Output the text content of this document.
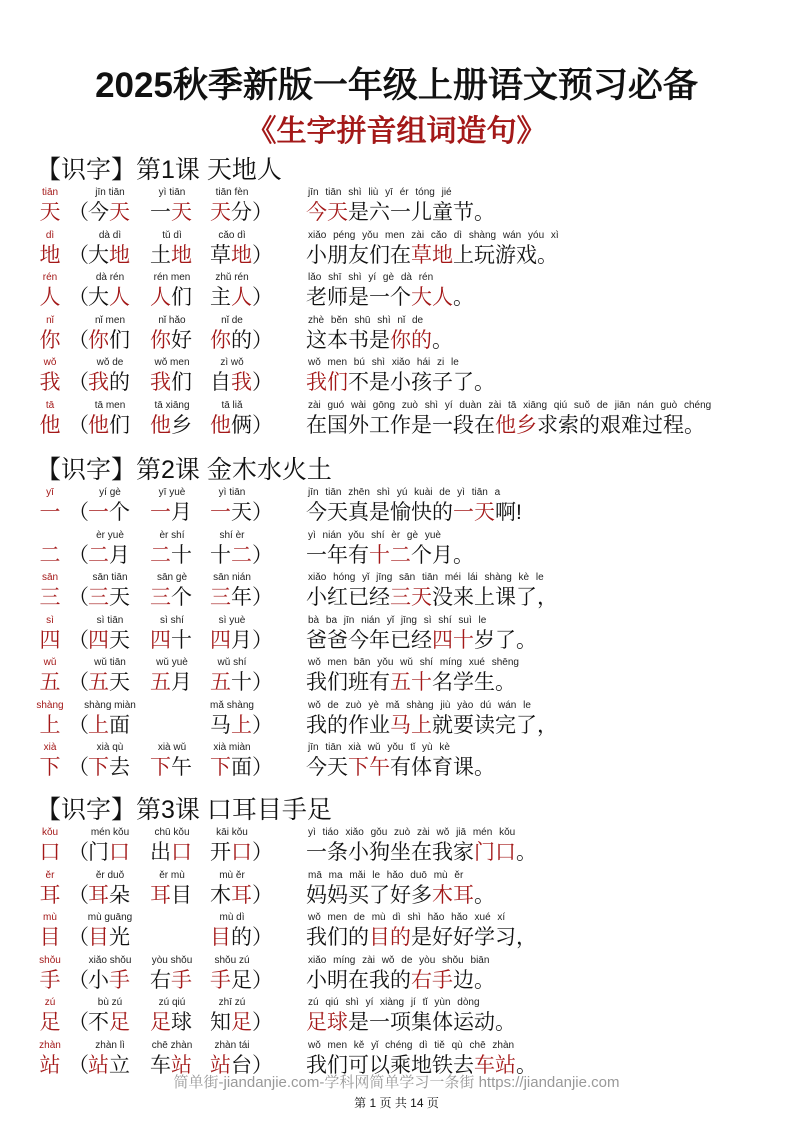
2025秋季新版一年级上册语文预习必备
《生字拼音组词造句》
【识字】第1课 天地人
tiān
天 （
jīn tiān
今天
yì tiān
一天
tiān fèn
天分 ）
jīn tiān shì liù yī ér tóng jié
今天是六一儿童节。
dì
地 （
dà dì
大地
tǔ dì
土地
cǎo dì
草地 ）
xiǎo péng yǒu men zài cǎo dì shàng wán yóu xì
小朋友们在草地上玩游戏。
rén
人 （
dà rén
大人
rén men
人们
zhǔ rén
主人 ）
lǎo shī shì yí gè dà rén
老师是一个大人。
nǐ
你 （
nǐ men
你们
nǐ hǎo
你好
nǐ de
你的 ）
zhè běn shū shì nǐ de
这本书是你的。
wǒ
我 （
wǒ de
我的
wǒ men
我们
zì wǒ
自我 ）
wǒ men bú shì xiǎo hái zi le
我们不是小孩子了。
tā
他 （
tā men
他们
tā xiāng
他乡
tā liǎ
他俩 ）
zài guó wài gōng zuò shì yí duàn zài tā xiāng qiú suǒ de jiān nán guò chéng
在国外工作是一段在他乡求索的艰难过程。
【识字】第2课 金木水火土
yī
一 （
yí gè
一个
yī yuè
一月
yì tiān
一天 ）
jīn tiān zhēn shì yú kuài de yì tiān a
今天真是愉快的一天啊!
二 （
èr yuè
二月
èr shí
二十
shí èr
十二 ）
yì nián yǒu shí èr gè yuè
一年有十二个月。
sān
三 （
sān tiān
三天
sān gè
三个
sān nián
三年 ）
xiǎo hóng yǐ jīng sān tiān méi lái shàng kè le
小红已经三天没来上课了，
sì
四 （
sì tiān
四天
sì shí
四十
sì yuè
四月 ）
bà ba jīn nián yǐ jīng sì shí suì le
爸爸今年已经四十岁了。
wǔ
五 （
wǔ tiān
五天
wǔ yuè
五月
wǔ shí
五十 ）
wǒ men bān yǒu wǔ shí míng xué shēng
我们班有五十名学生。
shàng
上 （
shàng miàn
上面
mǎ shàng
马上 ）
wǒ de zuò yè mǎ shàng jiù yào dú wán le
我的作业马上就要读完了，
xià
下 （
xià qù
下去
xià wǔ
下午
xià miàn
下面 ）
jīn tiān xià wǔ yǒu tǐ yù kè
今天下午有体育课。
【识字】第3课 口耳目手足
kǒu
口 （
mén kǒu
门口
chū kǒu
出口
kāi kǒu
开口 ）
yì tiáo xiǎo gǒu zuò zài wǒ jiā mén kǒu
一条小狗坐在我家门口。
ěr
耳 （
ěr duǒ
耳朵
ěr mù
耳目
mù ěr
木耳 ）
mā ma mǎi le hǎo duō mù ěr
妈妈买了好多木耳。
mù
目 （
mù guāng
目光
mù dì
目的 ）
wǒ men de mù dì shì hǎo hǎo xué xí
我们的目的是好好学习，
shǒu
手 （
xiǎo shǒu
小手
yòu shǒu
右手
shǒu zú
手足 ）
xiǎo míng zài wǒ de yòu shǒu biān
小明在我的右手边。
zú
足 （
bù zú
不足
zú qiú
足球
zhī zú
知足 ）
zú qiú shì yí xiàng jí tǐ yùn dòng
足球是一项集体运动。
zhàn
站 （
zhàn lì
站立
chē zhàn
车站
zhàn tái
站台 ）
wǒ men kě yǐ chéng dì tiě qù chē zhàn
我们可以乘地铁去车站。
简单街-jiandanjie.com-学科网简单学习一条街 https://jiandanjie.com
第 1 页 共 14 页
